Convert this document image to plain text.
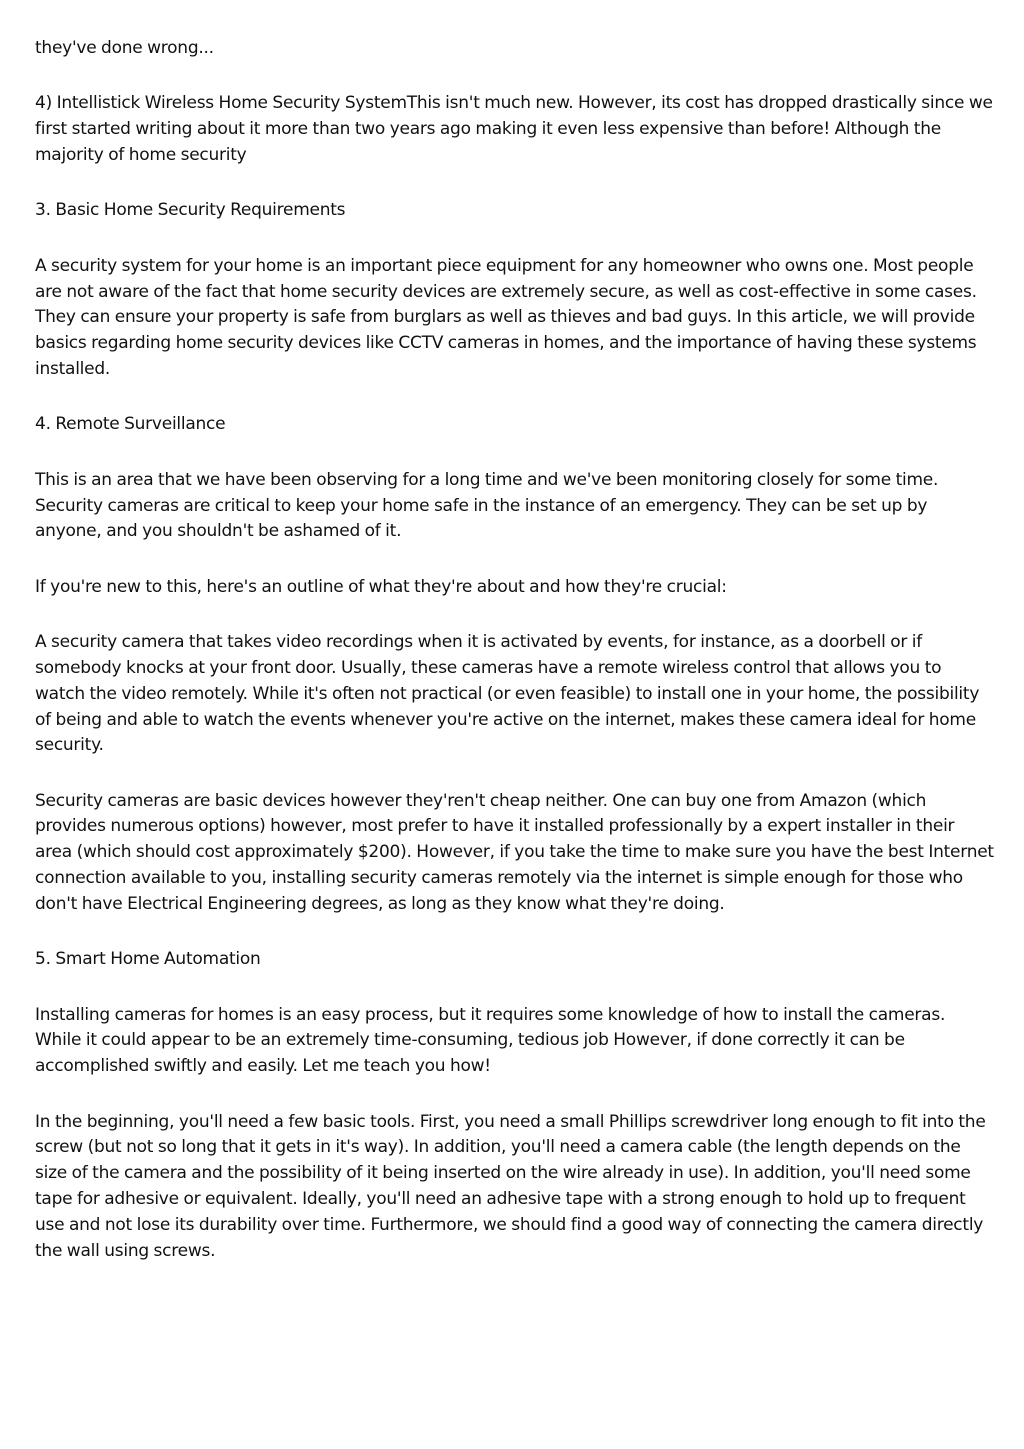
they've done wrong...

4) Intellistick Wireless Home Security SystemThis isn't much new. However, its cost has dropped drastically since we first started writing about it more than two years ago making it even less expensive than before! Although the majority of home security

3. Basic Home Security Requirements

A security system for your home is an important piece equipment for any homeowner who owns one. Most people are not aware of the fact that home security devices are extremely secure, as well as cost-effective in some cases. They can ensure your property is safe from burglars as well as thieves and bad guys. In this article, we will provide basics regarding home security devices like CCTV cameras in homes, and the importance of having these systems installed.

4. Remote Surveillance

This is an area that we have been observing for a long time and we've been monitoring closely for some time. Security cameras are critical to keep your home safe in the instance of an emergency. They can be set up by anyone, and you shouldn't be ashamed of it.

If you're new to this, here's an outline of what they're about and how they're crucial:

A security camera that takes video recordings when it is activated by events, for instance, as a doorbell or if somebody knocks at your front door. Usually, these cameras have a remote wireless control that allows you to watch the video remotely. While it's often not practical (or even feasible) to install one in your home, the possibility of being and able to watch the events whenever you're active on the internet, makes these camera ideal for home security.

Security cameras are basic devices however they'ren't cheap neither. One can buy one from Amazon (which provides numerous options) however, most prefer to have it installed professionally by a expert installer in their area (which should cost approximately $200). However, if you take the time to make sure you have the best Internet connection available to you, installing security cameras remotely via the internet is simple enough for those who don't have Electrical Engineering degrees, as long as they know what they're doing.

5. Smart Home Automation

Installing cameras for homes is an easy process, but it requires some knowledge of how to install the cameras. While it could appear to be an extremely time-consuming, tedious job However, if done correctly it can be accomplished swiftly and easily. Let me teach you how!

In the beginning, you'll need a few basic tools. First, you need a small Phillips screwdriver long enough to fit into the screw (but not so long that it gets in it's way). In addition, you'll need a camera cable (the length depends on the size of the camera and the possibility of it being inserted on the wire already in use). In addition, you'll need some tape for adhesive or equivalent. Ideally, you'll need an adhesive tape with a strong enough to hold up to frequent use and not lose its durability over time. Furthermore, we should find a good way of connecting the camera directly the wall using screws.
